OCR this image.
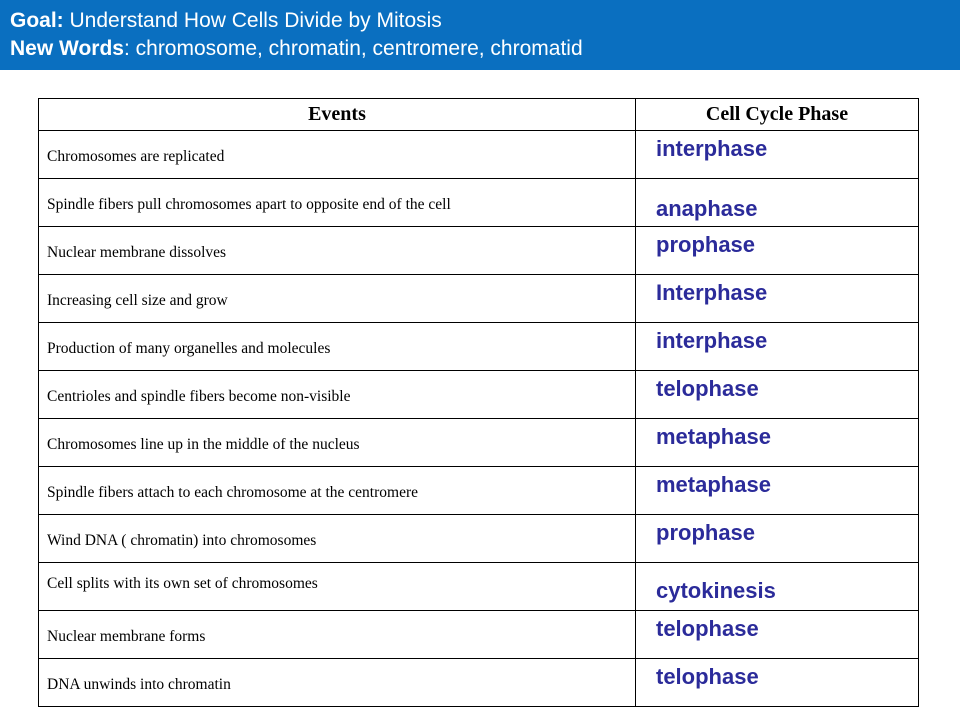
Goal: Understand How Cells Divide by Mitosis
New Words: chromosome, chromatin, centromere, chromatid
Events	Cell Cycle Phase
Chromosomes are replicated	interphase
Spindle fibers pull chromosomes apart to opposite end of the cell	anaphase
Nuclear membrane dissolves	prophase
Increasing cell size and grow	Interphase
Production of many organelles and molecules	interphase
Centrioles and spindle fibers become non-visible	telophase
Chromosomes line up in the middle of the nucleus	metaphase
Spindle fibers attach to each chromosome at the centromere	metaphase
Wind DNA ( chromatin) into chromosomes	prophase
Cell splits with its own set of chromosomes	cytokinesis
Nuclear membrane forms	telophase
DNA unwinds into chromatin	telophase
